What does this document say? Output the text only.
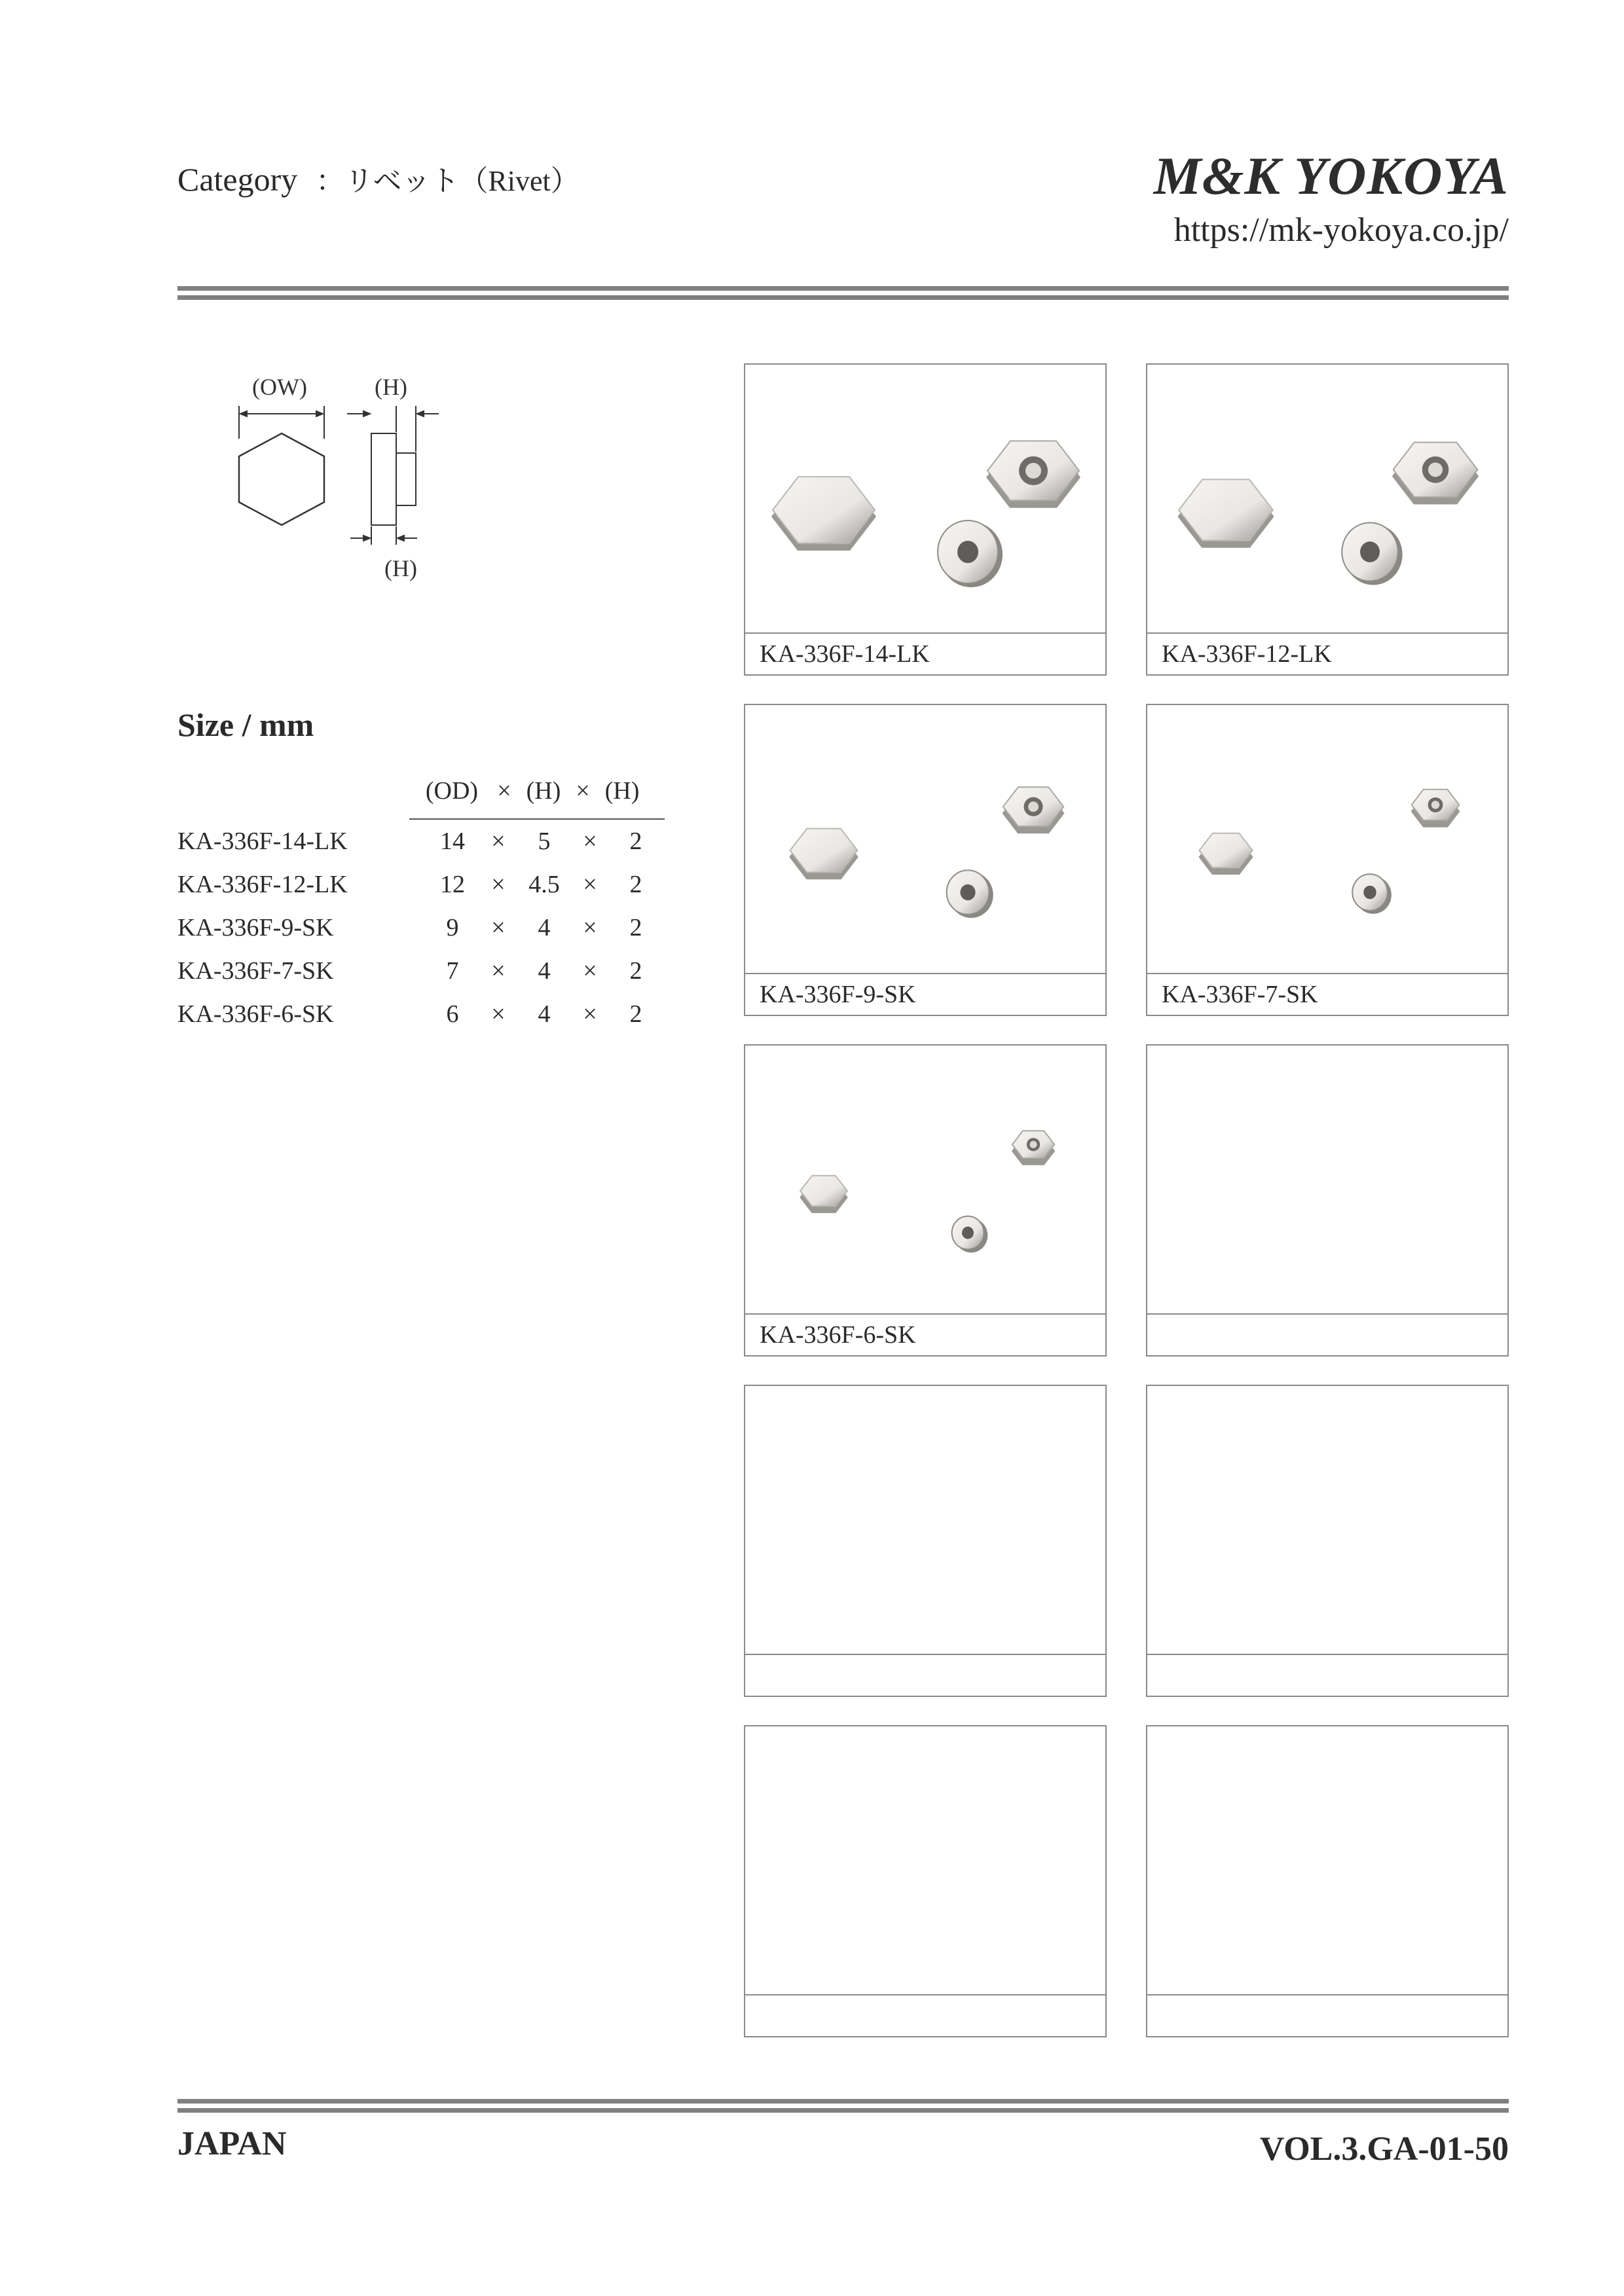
Category ：リベット（Rivet）	M&K YOKOYA
https://mk-yokoya.co.jp/
(OW)	(H)
(H)
Size / mm
(OD) × (H) × (H)
KA-336F-14-LK	14	×	5	×	2
KA-336F-12-LK	12	× 4.5 ×	2
KA-336F-9-SK	9	×	4	×	2
KA-336F-7-SK	7	×	4	×	2
KA-336F-6-SK	6	×	4	×	2
KA-336F-14-LK	KA-336F-12-LK
KA-336F-9-SK	KA-336F-7-SK
KA-336F-6-SK
JAPAN	VOL.3.GA-01-50
